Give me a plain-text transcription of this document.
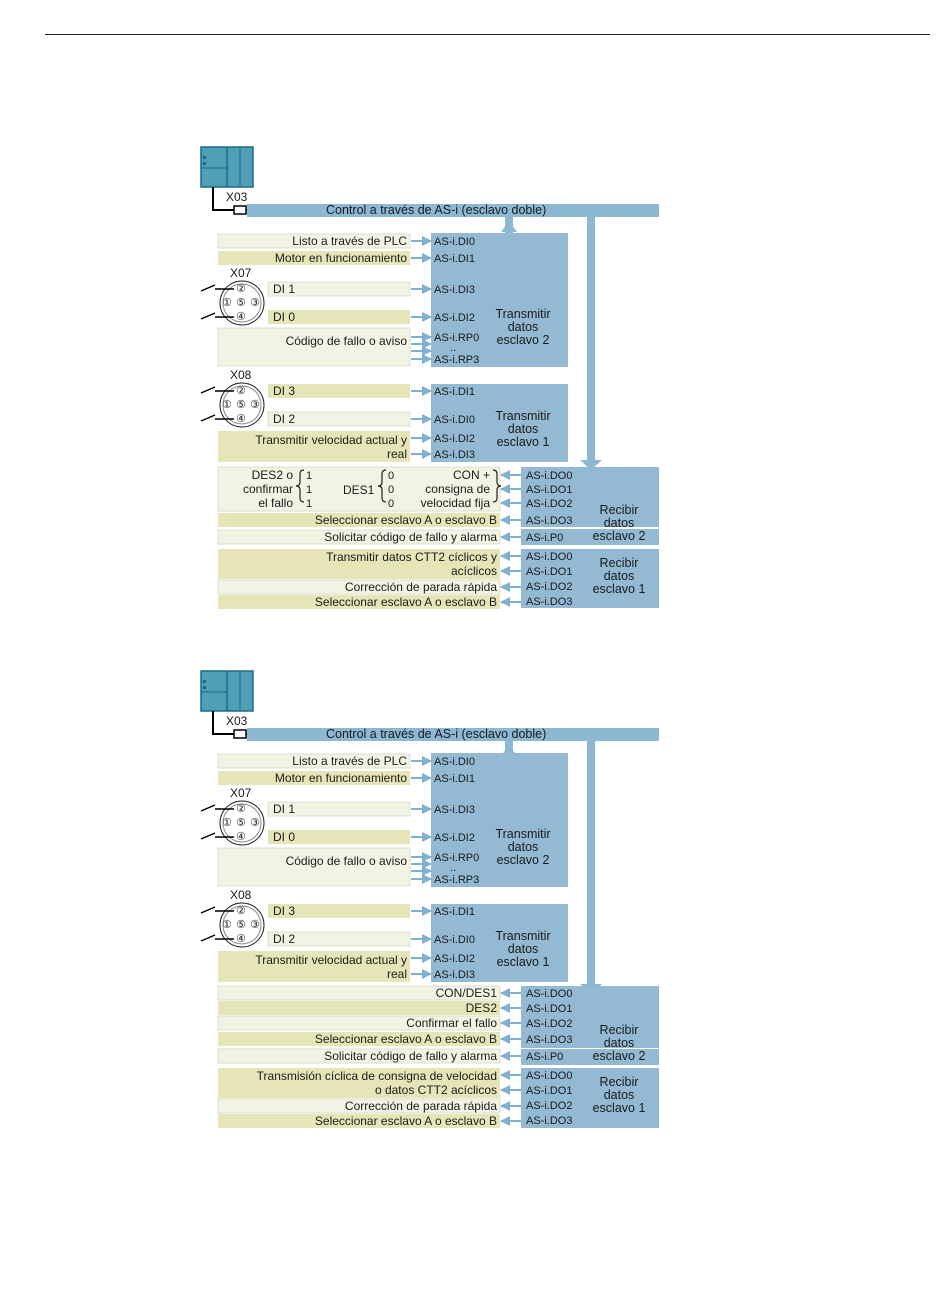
X03
Control a través de AS-i (esclavo doble)
Listo a través de PLC
Motor en funcionamiento
X07
②
① ⑤ ③
④
DI 1
DI 0
Código de fallo o aviso
X08
②
① ⑤ ③
④
DI 3
DI 2
Transmitir velocidad actual y
real
AS-i.DI0
AS-i.DI1
AS-i.DI3
AS-i.DI2
AS-i.RP0
..
AS-i.RP3
AS-i.DI1
AS-i.DI0
AS-i.DI2
AS-i.DI3
Transmitir
datos
esclavo 2
Transmitir
datos
esclavo 1
DES2 o
confirmar
el fallo
1
1
1
DES1
0
0
0
CON +
consigna de
velocidad fija
Seleccionar esclavo A o esclavo B
Solicitar código de fallo y alarma
AS-i.DO0
AS-i.DO1
AS-i.DO2
AS-i.DO3
AS-i.P0
Recibir
datos
esclavo 2
Transmitir datos CTT2 cíclicos y
acíclicos
Corrección de parada rápida
Seleccionar esclavo A o esclavo B
AS-i.DO0
AS-i.DO1
AS-i.DO2
AS-i.DO3
Recibir
datos
esclavo 1
X03
Control a través de AS-i (esclavo doble)
Listo a través de PLC
Motor en funcionamiento
X07
②
① ⑤ ③
④
DI 1
DI 0
Código de fallo o aviso
X08
②
① ⑤ ③
④
DI 3
DI 2
Transmitir velocidad actual y
real
AS-i.DI0
AS-i.DI1
AS-i.DI3
AS-i.DI2
AS-i.RP0
..
AS-i.RP3
AS-i.DI1
AS-i.DI0
AS-i.DI2
AS-i.DI3
Transmitir
datos
esclavo 2
Transmitir
datos
esclavo 1
CON/DES1
DES2
Confirmar el fallo
Seleccionar esclavo A o esclavo B
Solicitar código de fallo y alarma
AS-i.DO0
AS-i.DO1
AS-i.DO2
AS-i.DO3
AS-i.P0
Recibir
datos
esclavo 2
Transmisión cíclica de consigna de velocidad
o datos CTT2 acíclicos
Corrección de parada rápida
Seleccionar esclavo A o esclavo B
AS-i.DO0
AS-i.DO1
AS-i.DO2
AS-i.DO3
Recibir
datos
esclavo 1
